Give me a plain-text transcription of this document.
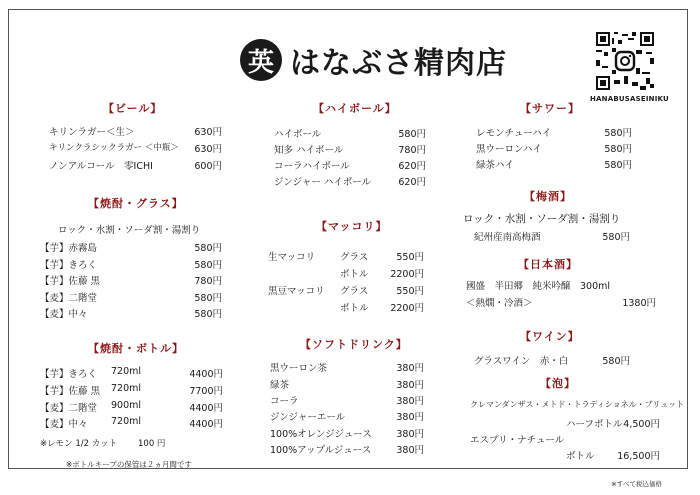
英 はなぶさ精肉店
HANABUSASEINIKU
【ビール】
キリンラガー＜生＞	630円
キリンクラシックラガー ＜中瓶＞	630円
ノンアルコール　零ICHI	600円
【焼酎・グラス】
ロック・水割・ソーダ割・湯割り
【芋】赤霧島	580円
【芋】きろく	580円
【芋】佐藤 黒	780円
【麦】二階堂	580円
【麦】中々	580円
【焼酎・ボトル】
【芋】きろく 720ml	4400円
【芋】佐藤 黒 720ml	7700円
【麦】二階堂 900ml	4400円
【麦】中々 720ml	4400円
※レモン 1/2 カット 100 円
※ボトルキープの保管は２ヵ月間です
【ハイボール】
ハイボール	580円
知多 ハイボール	780円
コーラハイボール	620円
ジンジャー ハイボール	620円
【マッコリ】
生マッコリ	グラス	550円
ボトル	2200円
黒豆マッコリ グラス	550円
ボトル	2200円
【ソフトドリンク】
黒ウーロン茶	380円
緑茶	380円
コーラ	380円
ジンジャーエール	380円
100%オレンジジュース	380円
100%アップルジュース	380円
【サワー】
レモンチューハイ	580円
黒ウーロンハイ	580円
緑茶ハイ	580円
【梅酒】
ロック・水割・ソーダ割・湯割り
紀州産南高梅酒	580円
【日本酒】
國盛　半田郷　純米吟醸　300ml
＜熱燗・冷酒＞	1380円
【ワイン】
グラスワイン　赤・白	580円
【泡】
クレマンダンザス・メトド・トラディショネル・ブリュット
ハーフボトル 4,500円
エスプリ・ナチュール
ボトル	16,500円
※すべて税込価格
